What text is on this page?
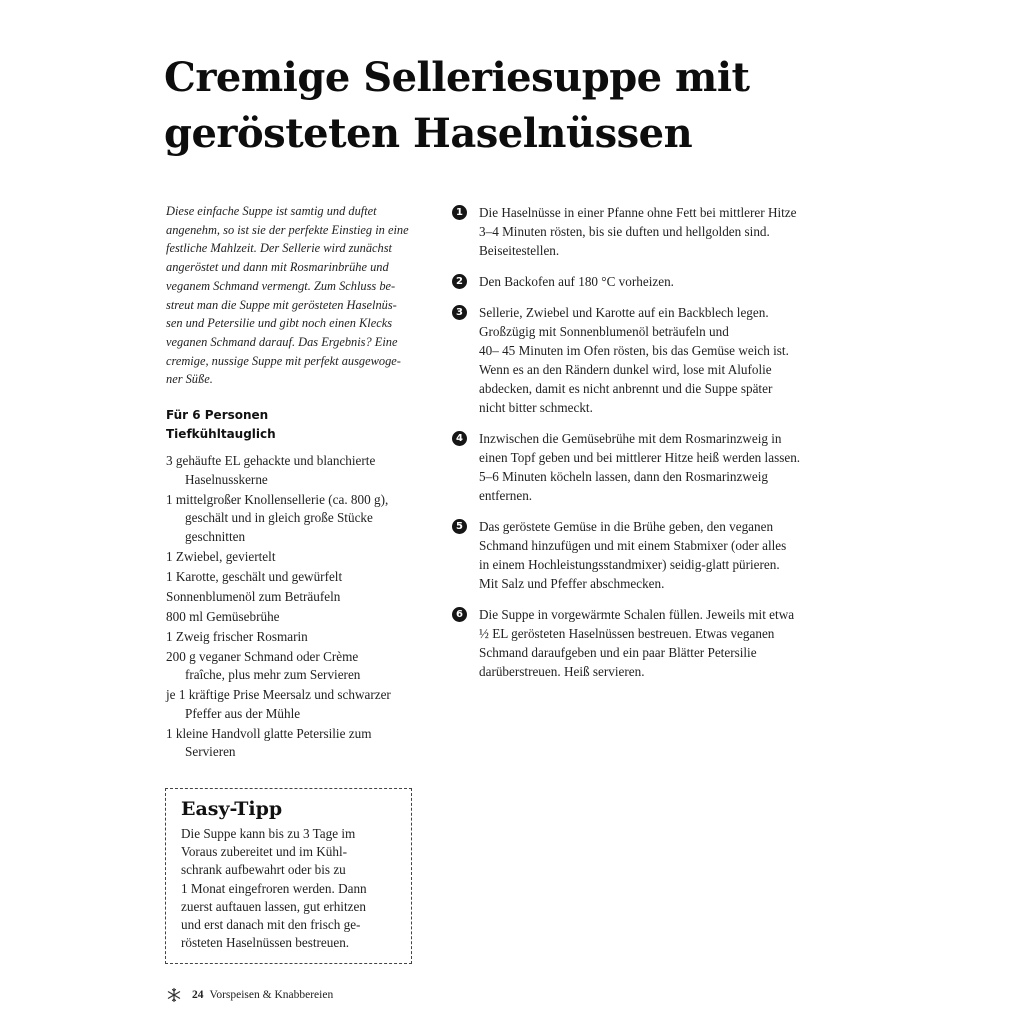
Cremige Selleriesuppe mit
gerösteten Haselnüssen

Diese einfache Suppe ist samtig und duftet
angenehm, so ist sie der perfekte Einstieg in eine
festliche Mahlzeit. Der Sellerie wird zunächst
angeröstet und dann mit Rosmarinbrühe und
veganem Schmand vermengt. Zum Schluss be-
streut man die Suppe mit gerösteten Haselnüs-
sen und Petersilie und gibt noch einen Klecks
veganen Schmand darauf. Das Ergebnis? Eine
cremige, nussige Suppe mit perfekt ausgewoge-
ner Süße.

Für 6 Personen
Tiefkühltauglich
3 gehäufte EL gehackte und blanchierte
Haselnusskerne
1 mittelgroßer Knollensellerie (ca. 800 g),
geschält und in gleich große Stücke
geschnitten
1 Zwiebel, geviertelt
1 Karotte, geschält und gewürfelt
Sonnenblumenöl zum Beträufeln
800 ml Gemüsebrühe
1 Zweig frischer Rosmarin
200 g veganer Schmand oder Crème
fraîche, plus mehr zum Servieren
je 1 kräftige Prise Meersalz und schwarzer
Pfeffer aus der Mühle
1 kleine Handvoll glatte Petersilie zum
Servieren
Easy-Tipp

Die Suppe kann bis zu 3 Tage im
Voraus zubereitet und im Kühl-
schrank aufbewahrt oder bis zu
1 Monat eingefroren werden. Dann
zuerst auftauen lassen, gut erhitzen
und erst danach mit den frisch ge-
rösteten Haselnüssen bestreuen.

1	Die Haselnüsse in einer Pfanne ohne Fett bei mittlerer Hitze
3–4 Minuten rösten, bis sie duften und hellgolden sind.
Beiseitestellen.
2	Den Backofen auf 180 °C vorheizen.
3	Sellerie, Zwiebel und Karotte auf ein Backblech legen.
Großzügig mit Sonnenblumenöl beträufeln und
40– 45 Minuten im Ofen rösten, bis das Gemüse weich ist.
Wenn es an den Rändern dunkel wird, lose mit Alufolie
abdecken, damit es nicht anbrennt und die Suppe später
nicht bitter schmeckt.
4	Inzwischen die Gemüsebrühe mit dem Rosmarinzweig in
einen Topf geben und bei mittlerer Hitze heiß werden lassen.
5–6 Minuten köcheln lassen, dann den Rosmarinzweig
entfernen.
5	Das geröstete Gemüse in die Brühe geben, den veganen
Schmand hinzufügen und mit einem Stabmixer (oder alles
in einem Hochleistungsstandmixer) seidig-glatt pürieren.
Mit Salz und Pfeffer abschmecken.
6	Die Suppe in vorgewärmte Schalen füllen. Jeweils mit etwa
½ EL gerösteten Haselnüssen bestreuen. Etwas veganen
Schmand daraufgeben und ein paar Blätter Petersilie
darüberstreuen. Heiß servieren.
24 Vorspeisen & Knabbereien
